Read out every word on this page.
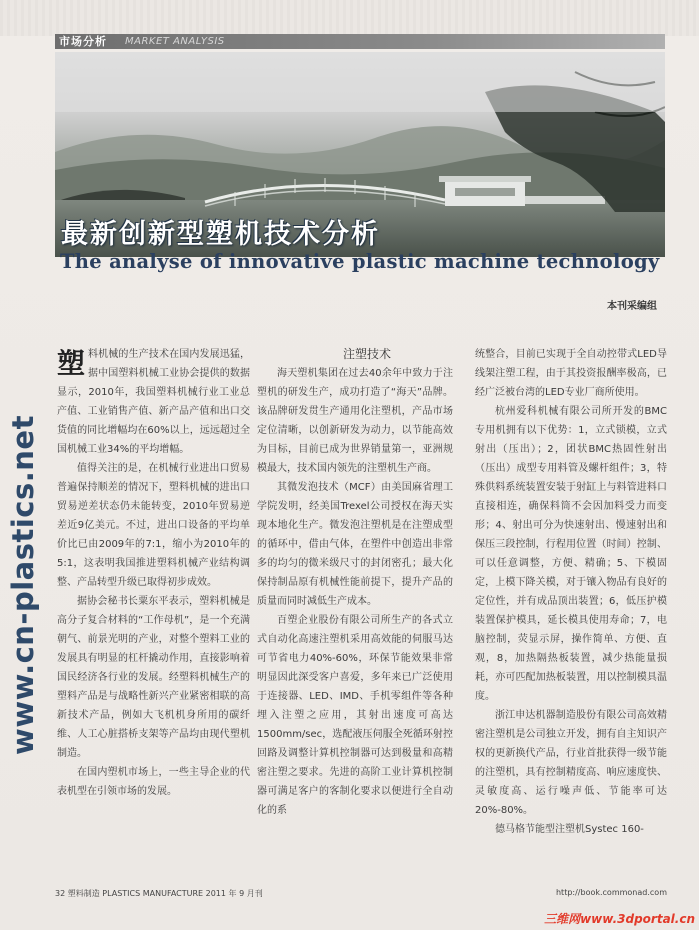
市场分析 MARKET ANALYSIS
最新创新型塑机技术分析
The analyse of innovative plastic machine technology
本刊采编组
www.cn-plastics.net

塑料机械的生产技术在国内发展迅猛，据中国塑料机械工业协会提供的数据显示，2010年，我国塑料机械行业工业总产值、工业销售产值、新产品产值和出口交货值的同比增幅均在60%以上，远远超过全国机械工业34%的平均增幅。

值得关注的是，在机械行业进出口贸易普遍保持顺差的情况下，塑料机械的进出口贸易逆差状态仍未能转变，2010年贸易逆差近9亿美元。不过，进出口设备的平均单价比已由2009年的7:1，缩小为2010年的5:1，这表明我国推进塑料机械产业结构调整、产品转型升级已取得初步成效。

据协会秘书长粟东平表示，塑料机械是高分子复合材料的“工作母机”，是一个充满朝气、前景光明的产业，对整个塑料工业的发展具有明显的杠杆撬动作用，直接影响着国民经济各行业的发展。经塑料机械生产的塑料产品是与战略性新兴产业紧密相联的高新技术产品，例如大飞机机身所用的碳纤维、人工心脏搭桥支架等产品均由现代塑机制造。

在国内塑机市场上，一些主导企业的代表机型在引领市场的发展。

注塑技术

海天塑机集团在过去40余年中致力于注塑机的研发生产，成功打造了“海天”品牌。该品牌研发贯生产通用化注塑机，产品市场定位清晰，以创新研发为动力，以节能高效为目标，目前已成为世界销量第一，亚洲规模最大，技术国内领先的注塑机生产商。

其微发泡技术（MCF）由美国麻省理工学院发明，经美国Trexel公司授权在海天实现本地化生产。微发泡注塑机是在注塑成型的循环中，借由气体，在塑件中创造出非常多的均匀的微米级尺寸的封闭密孔；最大化保持制品原有机械性能前提下，提升产品的质量而同时减低生产成本。

百塑企业股份有限公司所生产的各式立式自动化高速注塑机采用高效能的伺服马达可节省电力40%-60%，环保节能效果非常明显因此深受客户喜爱，多年来已广泛使用于连接器、LED、IMD、手机零组件等各种埋入注塑之应用，其射出速度可高达1500mm/sec，选配液压伺服全死循环射控回路及调整计算机控制器可达到极量和高精密注塑之要求。先进的高阶工业计算机控制器可满足客户的客制化要求以便进行全自动化的系

统整合，目前已实现于全自动控带式LED导线架注塑工程，由于其投资报酬率极高，已经广泛被台湾的LED专业厂商所使用。

杭州爱科机械有限公司所开发的BMC专用机拥有以下优势：1，立式锁模，立式射出（压出）；2，团状BMC热固性射出（压出）成型专用料管及螺杆组件；3，特殊供料系统装置安装于射缸上与料管进料口直接相连，确保料筒不会因加料受力而变形；4、射出可分为快速射出、慢速射出和保压三段控制，行程用位置（时间）控制、可以任意调整，方便、精确；5、下模固定，上模下降关模，对于镶入物品有良好的定位性，并有成品顶出装置；6，低压护模装置保护模具，延长模具使用寿命；7，电脑控制，荧显示屏，操作简单、方便、直观，8，加热隔热板装置，减少热能量损耗，亦可匹配加热板装置，用以控制模具温度。

浙江申达机器制造股份有限公司高效精密注塑机是公司独立开发，拥有自主知识产权的更新换代产品，行业首批获得一级节能的注塑机，具有控制精度高、响应速度快、灵敏度高、运行噪声低、节能率可达20%-80%。

德马格节能型注塑机Systec 160-

32 塑料制造 PLASTICS MANUFACTURE 2011 年 9 月刊	http://book.commonad.com
三维网www.3dportal.cn
